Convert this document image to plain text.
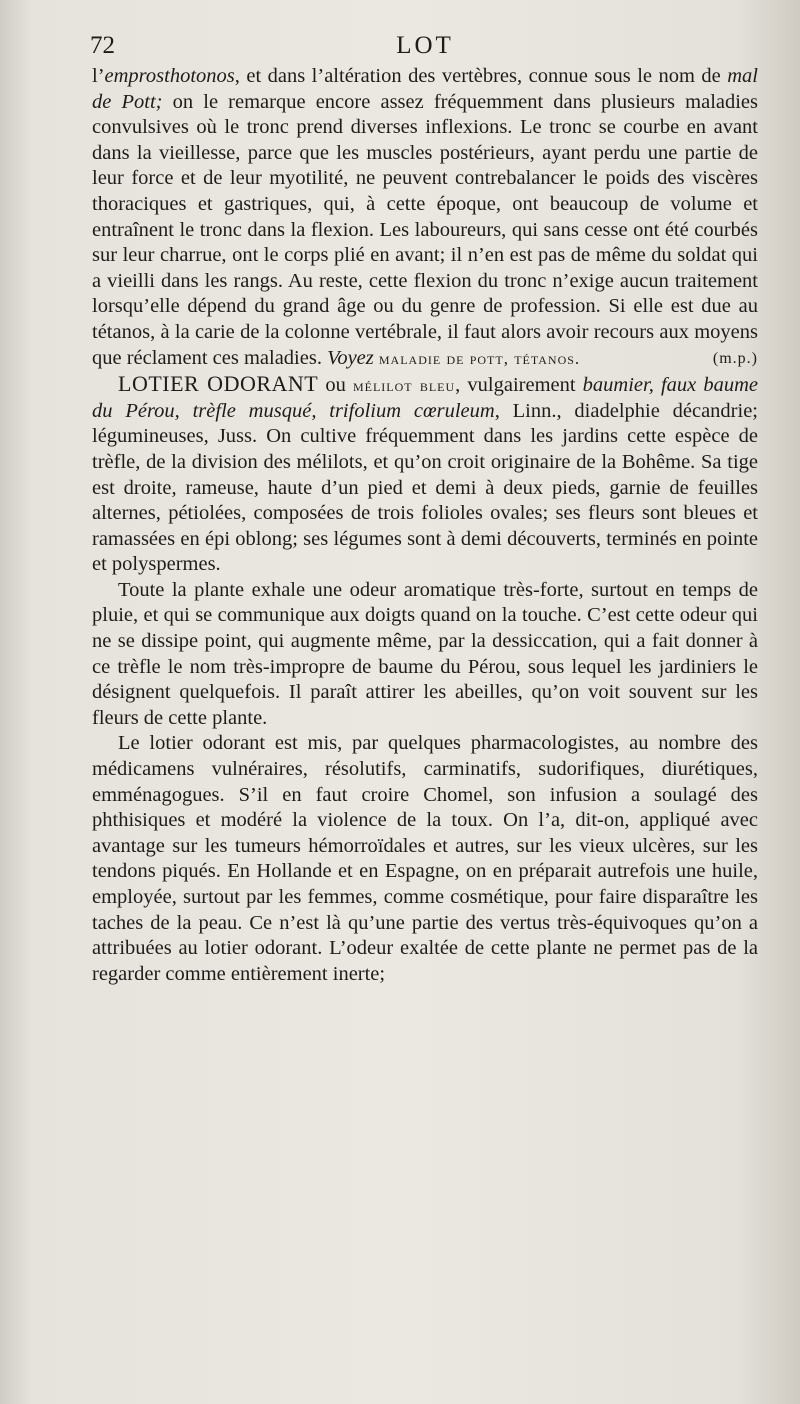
72	LOT

l’emprosthotonos, et dans l’altération des vertèbres, connue sous le nom de mal de Pott; on le remarque encore assez fréquemment dans plusieurs maladies convulsives où le tronc prend diverses inflexions. Le tronc se courbe en avant dans la vieillesse, parce que les muscles postérieurs, ayant perdu une partie de leur force et de leur myotilité, ne peuvent contrebalancer le poids des viscères thoraciques et gastriques, qui, à cette époque, ont beaucoup de volume et entraînent le tronc dans la flexion. Les laboureurs, qui sans cesse ont été courbés sur leur charrue, ont le corps plié en avant; il n’en est pas de même du soldat qui a vieilli dans les rangs. Au reste, cette flexion du tronc n’exige aucun traitement lorsqu’elle dépend du grand âge ou du genre de profession. Si elle est due au tétanos, à la carie de la colonne vertébrale, il faut alors avoir recours aux moyens que réclament ces maladies. Voyez maladie de pott, tétanos.	(m.p.)

LOTIER ODORANT ou mélilot bleu, vulgairement baumier, faux baume du Pérou, trèfle musqué, trifolium cœruleum, Linn., diadelphie décandrie; légumineuses, Juss. On cultive fréquemment dans les jardins cette espèce de trèfle, de la division des mélilots, et qu’on croit originaire de la Bohême. Sa tige est droite, rameuse, haute d’un pied et demi à deux pieds, garnie de feuilles alternes, pétiolées, composées de trois folioles ovales; ses fleurs sont bleues et ramassées en épi oblong; ses légumes sont à demi découverts, terminés en pointe et polyspermes.

Toute la plante exhale une odeur aromatique très-forte, surtout en temps de pluie, et qui se communique aux doigts quand on la touche. C’est cette odeur qui ne se dissipe point, qui augmente même, par la dessiccation, qui a fait donner à ce trèfle le nom très-impropre de baume du Pérou, sous lequel les jardiniers le désignent quelquefois. Il paraît attirer les abeilles, qu’on voit souvent sur les fleurs de cette plante.

Le lotier odorant est mis, par quelques pharmacologistes, au nombre des médicamens vulnéraires, résolutifs, carminatifs, sudorifiques, diurétiques, emménagogues. S’il en faut croire Chomel, son infusion a soulagé des phthisiques et modéré la violence de la toux. On l’a, dit-on, appliqué avec avantage sur les tumeurs hémorroïdales et autres, sur les vieux ulcères, sur les tendons piqués. En Hollande et en Espagne, on en préparait autrefois une huile, employée, surtout par les femmes, comme cosmétique, pour faire disparaître les taches de la peau. Ce n’est là qu’une partie des vertus très-équivoques qu’on a attribuées au lotier odorant. L’odeur exaltée de cette plante ne permet pas de la regarder comme entièrement inerte;
